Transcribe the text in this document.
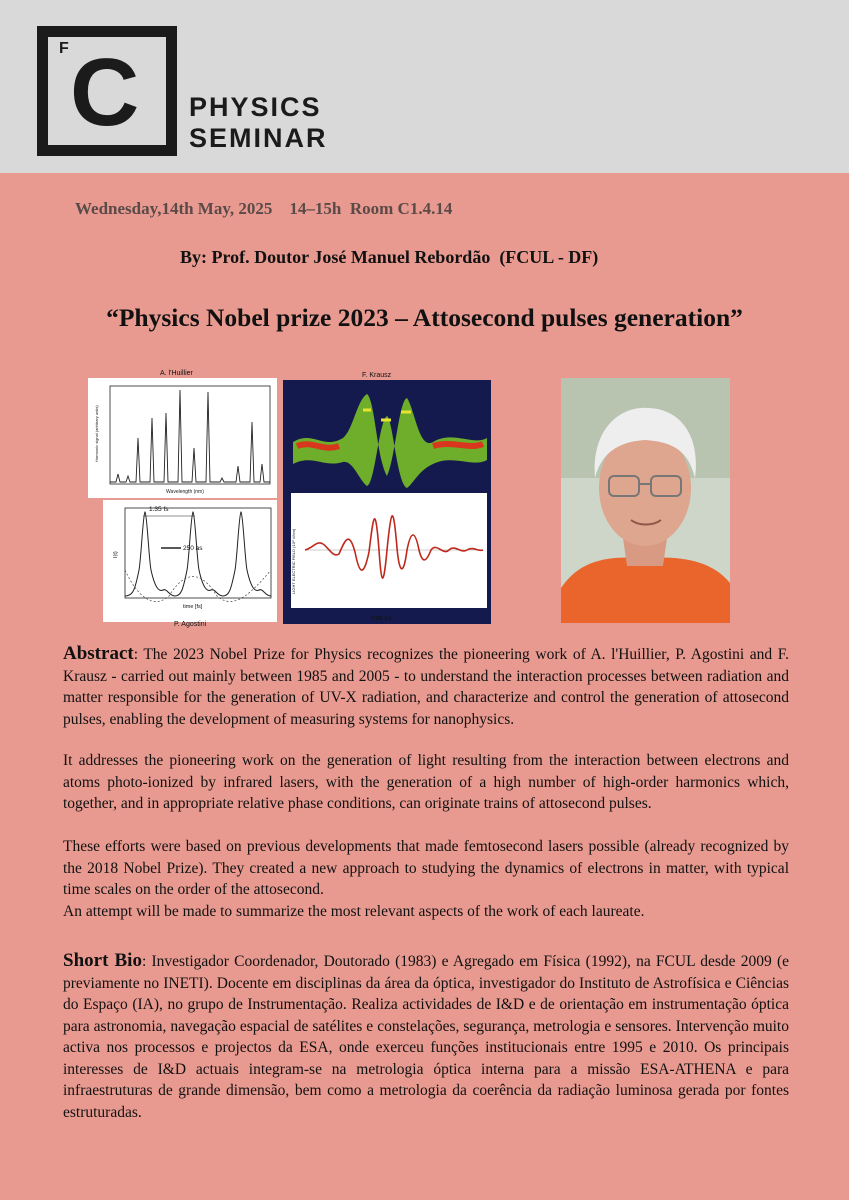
F C PHYSICS
SEMINAR
Wednesday,14th May, 2025    14–15h  Room C1.4.14
By: Prof. Doutor José Manuel Rebordão  (FCUL - DF)
“Physics Nobel prize 2023 – Attosecond pulses generation”
A. l'Huillier
Harmonic signal (arbitrary units)
Wavelength (nm)
1.35 fs
250 as
I(t)
time [fs]
P. Agostini
F. Krausz
TIME (fs)
LIGHT ELECTRIC FIELD (10⁸ V/cm)

Abstract: The 2023 Nobel Prize for Physics recognizes the pioneering work of A. l'Huillier, P. Agostini and F. Krausz - carried out mainly between 1985 and 2005 - to understand the interaction processes between radiation and matter responsible for the generation of UV-X radiation, and characterize and control the generation of attosecond pulses, enabling the development of measuring systems for nanophysics.

It addresses the pioneering work on the generation of light resulting from the interaction between electrons and atoms photo-ionized by infrared lasers, with the generation of a high number of high-order harmonics which, together, and in appropriate relative phase conditions, can originate trains of attosecond pulses.

These efforts were based on previous developments that made femtosecond lasers possible (already recognized by the 2018 Nobel Prize). They created a new approach to studying the dynamics of electrons in matter, with typical time scales on the order of the attosecond.

An attempt will be made to summarize the most relevant aspects of the work of each laureate.

Short Bio: Investigador Coordenador, Doutorado (1983) e Agregado em Física (1992), na FCUL desde 2009 (e previamente no INETI). Docente em disciplinas da área da óptica, investigador do Instituto de Astrofísica e Ciências do Espaço (IA), no grupo de Instrumentação. Realiza actividades de I&D e de orientação em instrumentação óptica para astronomia, navegação espacial de satélites e constelações, segurança, metrologia e sensores. Intervenção muito activa nos processos e projectos da ESA, onde exerceu funções institucionais entre 1995 e 2010. Os principais interesses de I&D actuais integram-se na metrologia óptica interna para a missão ESA-ATHENA e para infraestruturas de grande dimensão, bem como a metrologia da coerência da radiação luminosa gerada por fontes estruturadas.
